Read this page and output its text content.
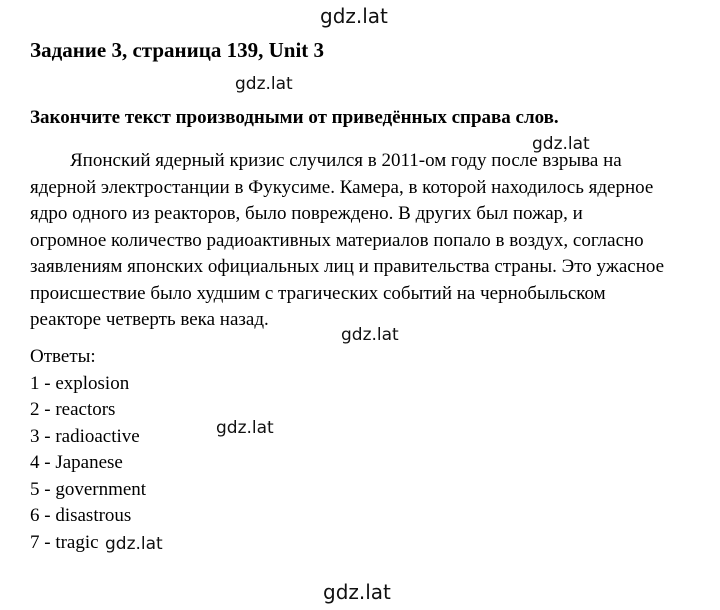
gdz.lat
gdz.lat
gdz.lat
gdz.lat
gdz.lat
gdz.lat
gdz.lat
Задание 3, страница 139, Unit 3
Закончите текст производными от приведённых справа слов.
Японский ядерный кризис случился в 2011-ом году после взрыва на
ядерной электростанции в Фукусиме. Камера, в которой находилось ядерное
ядро одного из реакторов, было повреждено. В других был пожар, и
огромное количество радиоактивных материалов попало в воздух, согласно
заявлениям японских официальных лиц и правительства страны. Это ужасное
происшествие было худшим с трагических событий на чернобыльском
реакторе четверть века назад.
Ответы:
1 - explosion
2 - reactors
3 - radioactive
4 - Japanese
5 - government
6 - disastrous
7 - tragic
